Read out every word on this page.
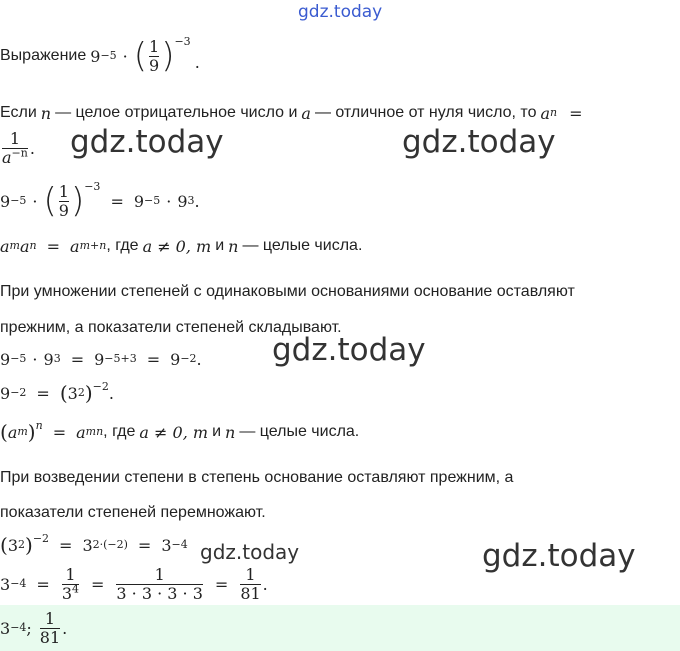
gdz.today
Выражение 9 −5 · ( $\frac{1}{9} )^{-3}$
.
Если n — целое отрицательное число и a — отличное от нуля число, то a n =
$\frac{1}{a^{-n}}$ . gdz.today	gdz.today
9 −5 · ( $\frac{1}{9} )^{-3}$
= 9 −5 · 9 3 .
a m a n = a m+n , где a ≠ 0, m и n — целые числа.
При умножении степеней с одинаковыми основаниями основание оставляют
прежним, а показатели степеней складывают.
9 −5 · 9 3 = 9 −5+3 = 9 −2 . gdz.today
9 −2 = ( 3 2 )$^{-2}$ .
( a m )$^n$ = a mn , где a ≠ 0, m и n — целые числа.
При возведении степени в степень основание оставляют прежним, а
показатели степеней перемножают.
( 3 2 )$^{-2}$ = 3 2·(−2) = 3 −4 gdz.today	gdz.today
$3 -4 = \frac{1}{3^4} = \frac{1}{3 \cdot 3 \cdot 3 \cdot 3} = \frac{1}{81}$ .
3 −4 ; $\frac{1}{81}$ .
